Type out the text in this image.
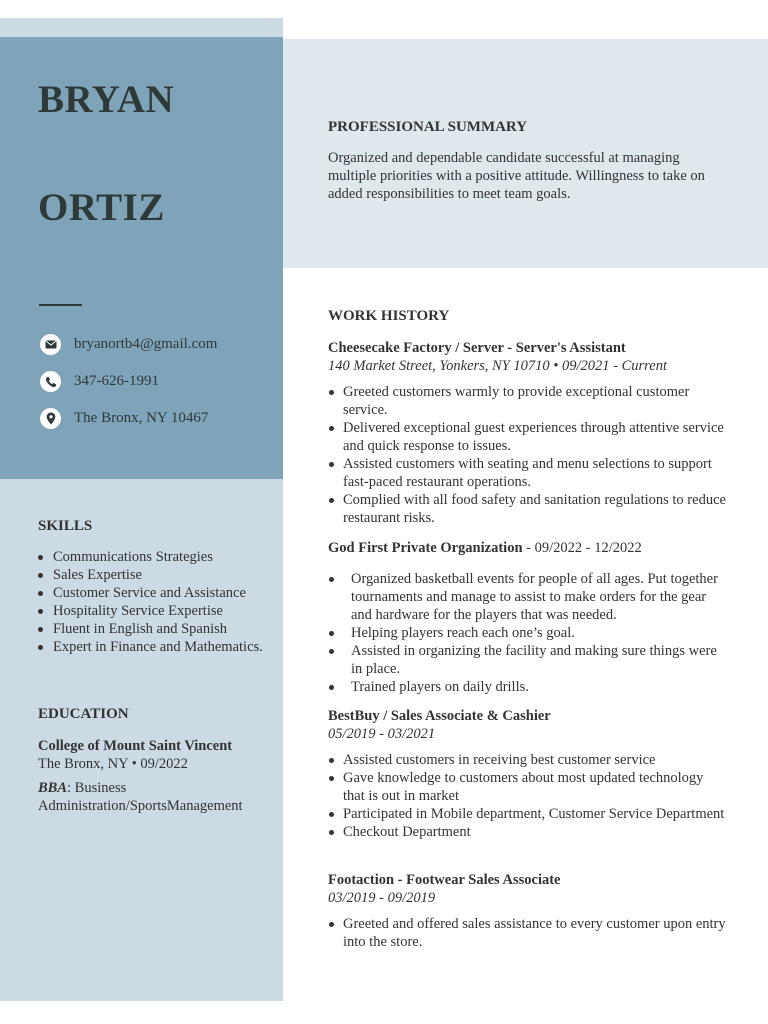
BRYAN
ORTIZ
bryanortb4@gmail.com
347-626-1991
The Bronx, NY 10467
SKILLS
Communications Strategies
Sales Expertise
Customer Service and Assistance
Hospitality Service Expertise
Fluent in English and Spanish
Expert in Finance and Mathematics.
EDUCATION

College of Mount Saint Vincent

The Bronx, NY • 09/2022

BBA: Business Administration/SportsManagement

PROFESSIONAL SUMMARY

Organized and dependable candidate successful at managing multiple priorities with a positive attitude. Willingness to take on added responsibilities to meet team goals.

WORK HISTORY

Cheesecake Factory / Server - Server's Assistant

140 Market Street, Yonkers, NY 10710 • 09/2021 - Current

Greeted customers warmly to provide exceptional customer service.
Delivered exceptional guest experiences through attentive service and quick response to issues.
Assisted customers with seating and menu selections to support fast-paced restaurant operations.
Complied with all food safety and sanitation regulations to reduce restaurant risks.

God First Private Organization - 09/2022 - 12/2022

Organized basketball events for people of all ages. Put together tournaments and manage to assist to make orders for the gear and hardware for the players that was needed.
Helping players reach each one’s goal.
Assisted in organizing the facility and making sure things were in place.
Trained players on daily drills.

BestBuy / Sales Associate & Cashier

05/2019 - 03/2021

Assisted customers in receiving best customer service
Gave knowledge to customers about most updated technology that is out in market
Participated in Mobile department, Customer Service Department
Checkout Department

Footaction - Footwear Sales Associate

03/2019 - 09/2019

Greeted and offered sales assistance to every customer upon entry into the store.
